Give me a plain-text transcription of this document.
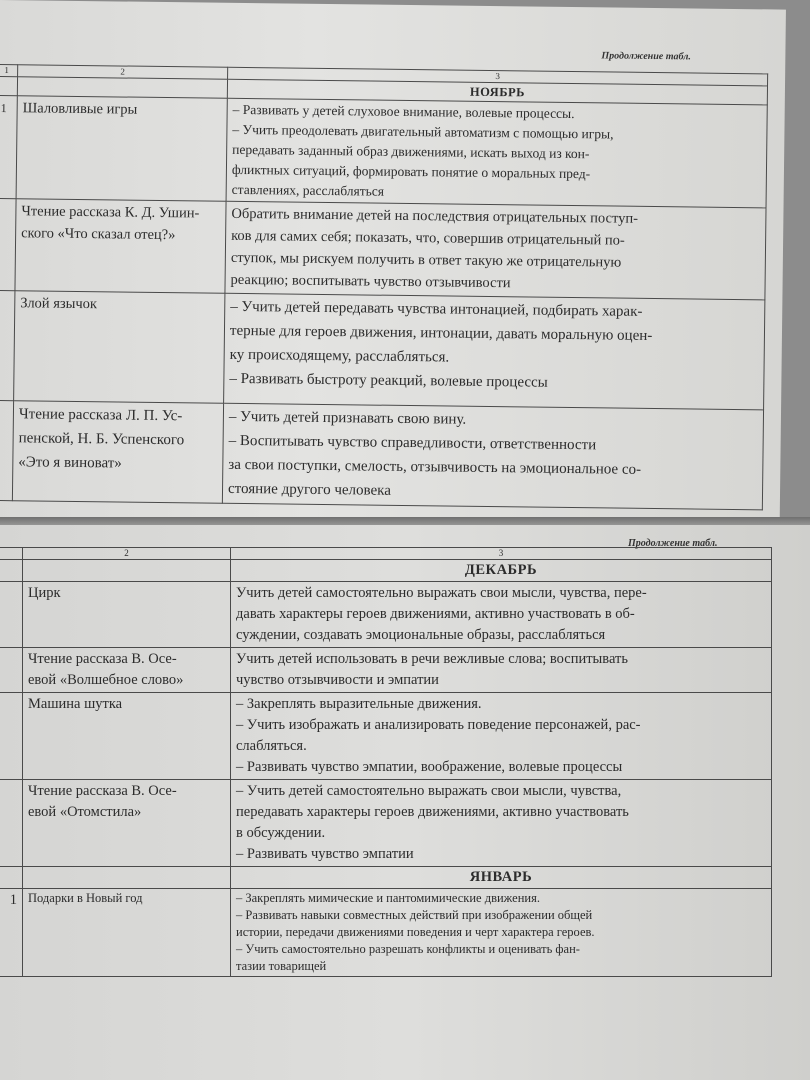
Продолжение табл.
1	2	3
		НОЯБРЬ
1	Шаловливые игры	– Развивать у детей слуховое внимание, волевые процессы.
– Учить преодолевать двигательный автоматизм с помощью игры,
передавать заданный образ движениями, искать выход из кон-
фликтных ситуаций, формировать понятие о моральных пред-
ставлениях, расслабляться

	Чтение рассказа К. Д. Ушин-
ского «Что сказал отец?»	Обратить внимание детей на последствия отрицательных поступ-
ков для самих себя; показать, что, совершив отрицательный по-
ступок, мы рискуем получить в ответ такую же отрицательную
реакцию; воспитывать чувство отзывчивости

	Злой язычок	– Учить детей передавать чувства интонацией, подбирать харак-
терные для героев движения, интонации, давать моральную оцен-
ку происходящему, расслабляться.
– Развивать быстроту реакций, волевые процессы

	Чтение рассказа Л. П. Ус-
пенской, Н. Б. Успенского
«Это я виноват»	– Учить детей признавать свою вину.
– Воспитывать чувство справедливости, ответственности
за свои поступки, смелость, отзывчивость на эмоциональное со-
стояние другого человека
Продолжение табл.
	2	3
		ДЕКАБРЬ

	Цирк	Учить детей самостоятельно выражать свои мысли, чувства, пере-
давать характеры героев движениями, активно участвовать в об-
суждении, создавать эмоциональные образы, расслабляться

	Чтение рассказа В. Осе-
евой «Волшебное слово»	Учить детей использовать в речи вежливые слова; воспитывать
чувство отзывчивости и эмпатии

	Машина шутка	– Закреплять выразительные движения.
– Учить изображать и анализировать поведение персонажей, рас-
слабляться.
– Развивать чувство эмпатии, воображение, волевые процессы

	Чтение рассказа В. Осе-
евой «Отомстила»	– Учить детей самостоятельно выражать свои мысли, чувства,
передавать характеры героев движениями, активно участвовать
в обсуждении.
– Развивать чувство эмпатии

		ЯНВАРЬ
1	Подарки в Новый год	– Закреплять мимические и пантомимические движения.
– Развивать навыки совместных действий при изображении общей
истории, передачи движениями поведения и черт характера героев.
– Учить самостоятельно разрешать конфликты и оценивать фан-
тазии товарищей
